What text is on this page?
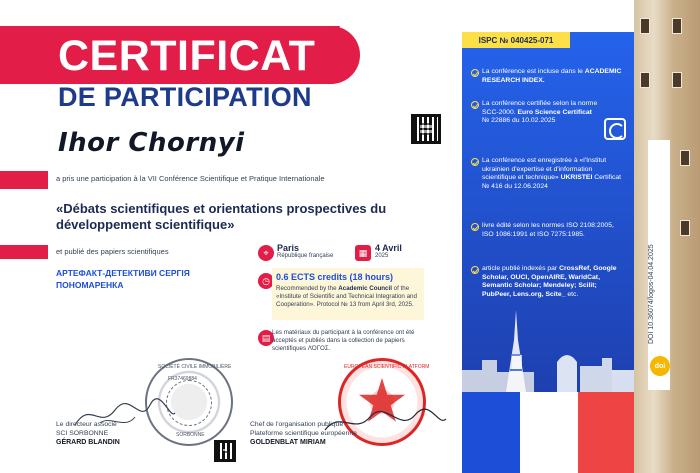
DOI 10.36074/logos-04.04.2025
doi
CERTIFICAT
DE PARTICIPATION
Ihor Chornyi
a pris une participation à la VII Conférence Scientifique et Pratique Internationale
«Débats scientifiques et orientations prospectives du développement scientifique»
et publié des papiers scientifiques
АРТЕФАКТ-ДЕТЕКТИВИ СЕРГІЯ ПОНОМАРЕНКА
⌖ Paris
République française	▦ 4 Avril
2025
◷ 0.6 ECTS credits (18 hours)
Recommended by the Academic Council of the «Institute of Scientific and Technical Integration and Cooperation». Protocol № 13 from April 3rd, 2025.
▤ Les matériaux du participant à la conférence ont été acceptés et publiés dans la collection de papiers scientifiques ΛΌГOΣ.
SOCIÉTÉ CIVILE IMMOBILIÈRE
SORBONNE
FR37469884
Le directeur associé
SCI SORBONNE
GÉRARD BLANDIN
EUROPEAN SCIENTIFIC PLATFORM
Chef de l'organisation publique
Plateforme scientifique européenne
GOLDENBLAT MIRIAM
ISPC № 040425-071
La conférence est incluse dans le ACADEMIC RESEARCH INDEX.
La conférence certifiée selon la norme SCC-2000. Euro Science Certificat № 22886 du 10.02.2025
La conférence est enregistrée à «l'Institut ukrainien d'expertise et d'information scientifique et technique» UKRISTEI Certificat № 416 du 12.06.2024
livre édité selon les normes ISO 2108:2005, ISO 1086:1991 et ISO 7275:1985.
article publié indexés par CrossRef, Google Scholar, OUCI, OpenAIRE, WarldCat, Semantic Scholar; Mendeley; Scilit; PubPeer, Lens.org, Scite_ etc.
